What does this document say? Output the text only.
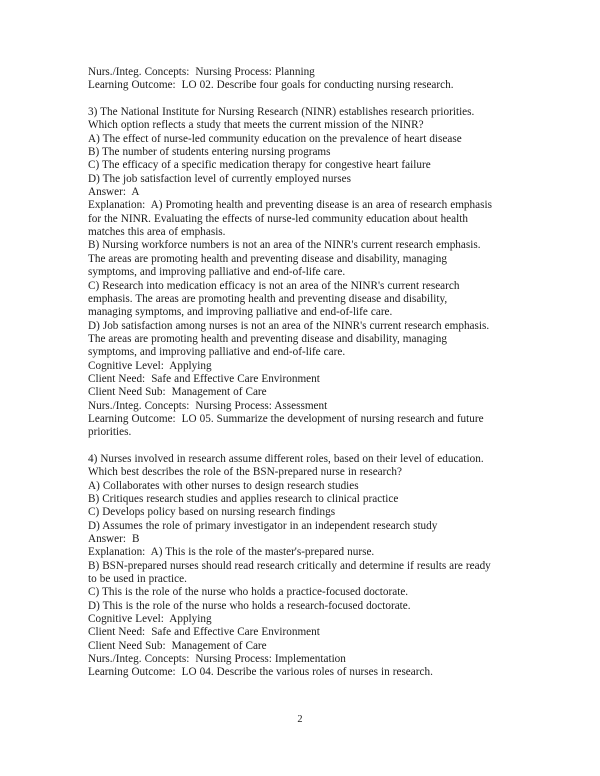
Nurs./Integ. Concepts:  Nursing Process: Planning
Learning Outcome:  LO 02. Describe four goals for conducting nursing research.
3) The National Institute for Nursing Research (NINR) establishes research priorities.
Which option reflects a study that meets the current mission of the NINR?
A) The effect of nurse-led community education on the prevalence of heart disease
B) The number of students entering nursing programs
C) The efficacy of a specific medication therapy for congestive heart failure
D) The job satisfaction level of currently employed nurses
Answer:  A
Explanation:  A) Promoting health and preventing disease is an area of research emphasis
for the NINR. Evaluating the effects of nurse-led community education about health
matches this area of emphasis.
B) Nursing workforce numbers is not an area of the NINR's current research emphasis.
The areas are promoting health and preventing disease and disability, managing
symptoms, and improving palliative and end-of-life care.
C) Research into medication efficacy is not an area of the NINR's current research
emphasis. The areas are promoting health and preventing disease and disability,
managing symptoms, and improving palliative and end-of-life care.
D) Job satisfaction among nurses is not an area of the NINR's current research emphasis.
The areas are promoting health and preventing disease and disability, managing
symptoms, and improving palliative and end-of-life care.
Cognitive Level:  Applying
Client Need:  Safe and Effective Care Environment
Client Need Sub:  Management of Care
Nurs./Integ. Concepts:  Nursing Process: Assessment
Learning Outcome:  LO 05. Summarize the development of nursing research and future
priorities.
4) Nurses involved in research assume different roles, based on their level of education.
Which best describes the role of the BSN-prepared nurse in research?
A) Collaborates with other nurses to design research studies
B) Critiques research studies and applies research to clinical practice
C) Develops policy based on nursing research findings
D) Assumes the role of primary investigator in an independent research study
Answer:  B
Explanation:  A) This is the role of the master's-prepared nurse.
B) BSN-prepared nurses should read research critically and determine if results are ready
to be used in practice.
C) This is the role of the nurse who holds a practice-focused doctorate.
D) This is the role of the nurse who holds a research-focused doctorate.
Cognitive Level:  Applying
Client Need:  Safe and Effective Care Environment
Client Need Sub:  Management of Care
Nurs./Integ. Concepts:  Nursing Process: Implementation
Learning Outcome:  LO 04. Describe the various roles of nurses in research.
2
